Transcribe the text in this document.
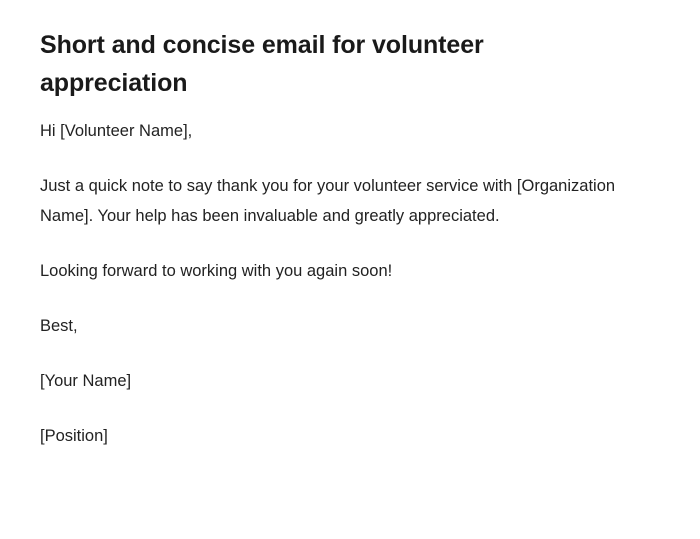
Short and concise email for volunteer appreciation

Hi [Volunteer Name],

Just a quick note to say thank you for your volunteer service with [Organization Name]. Your help has been invaluable and greatly appreciated.

Looking forward to working with you again soon!

Best,

[Your Name]

[Position]
